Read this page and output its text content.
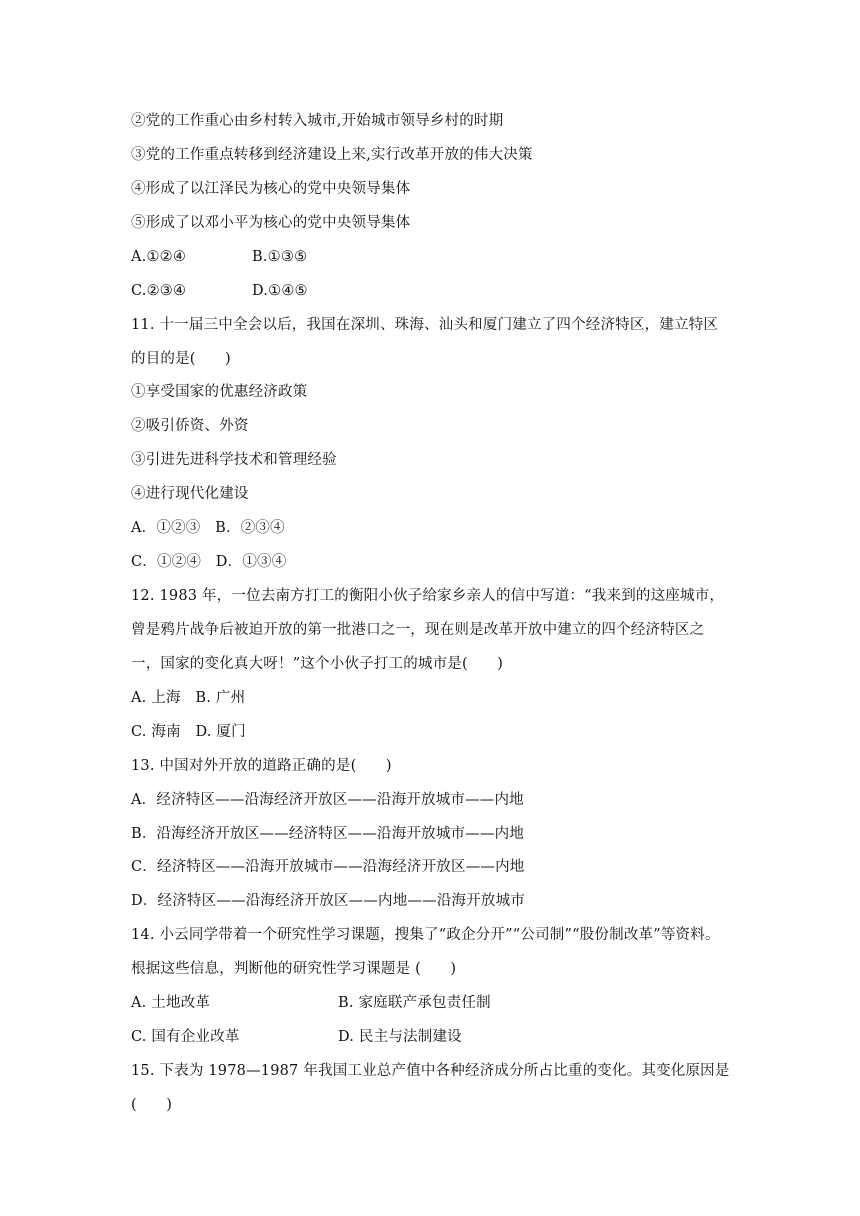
②党的工作重心由乡村转入城市,开始城市领导乡村的时期
③党的工作重点转移到经济建设上来,实行改革开放的伟大决策
④形成了以江泽民为核心的党中央领导集体
⑤形成了以邓小平为核心的党中央领导集体

A.①②④

	B.①③⑤

C.②③④

	D.①④⑤

11. 十一届三中全会以后，我国在深圳、珠海、汕头和厦门建立了四个经济特区，建立特区
的目的是(　　)
①享受国家的优惠经济政策
②吸引侨资、外资
③引进先进科学技术和管理经验
④进行现代化建设
A．①②③　B．②③④
C．①②④　D．①③④
12. 1983 年，一位去南方打工的衡阳小伙子给家乡亲人的信中写道：“我来到的这座城市，
曾是鸦片战争后被迫开放的第一批港口之一，现在则是改革开放中建立的四个经济特区之
一，国家的变化真大呀！”这个小伙子打工的城市是(　　)
A. 上海　B. 广州
C. 海南　D. 厦门
13. 中国对外开放的道路正确的是(　　)
A．经济特区——沿海经济开放区——沿海开放城市——内地
B．沿海经济开放区——经济特区——沿海开放城市——内地
C．经济特区——沿海开放城市——沿海经济开放区——内地
D．经济特区——沿海经济开放区——内地——沿海开放城市
14. 小云同学带着一个研究性学习课题，搜集了“政企分开”“公司制”“股份制改革”等资料。
根据这些信息，判断他的研究性学习课题是 (　　)

A. 土地改革

	B. 家庭联产承包责任制

C. 国有企业改革

	D. 民主与法制建设

15. 下表为 1978—1987 年我国工业总产值中各种经济成分所占比重的变化。其变化原因是
(　　)
